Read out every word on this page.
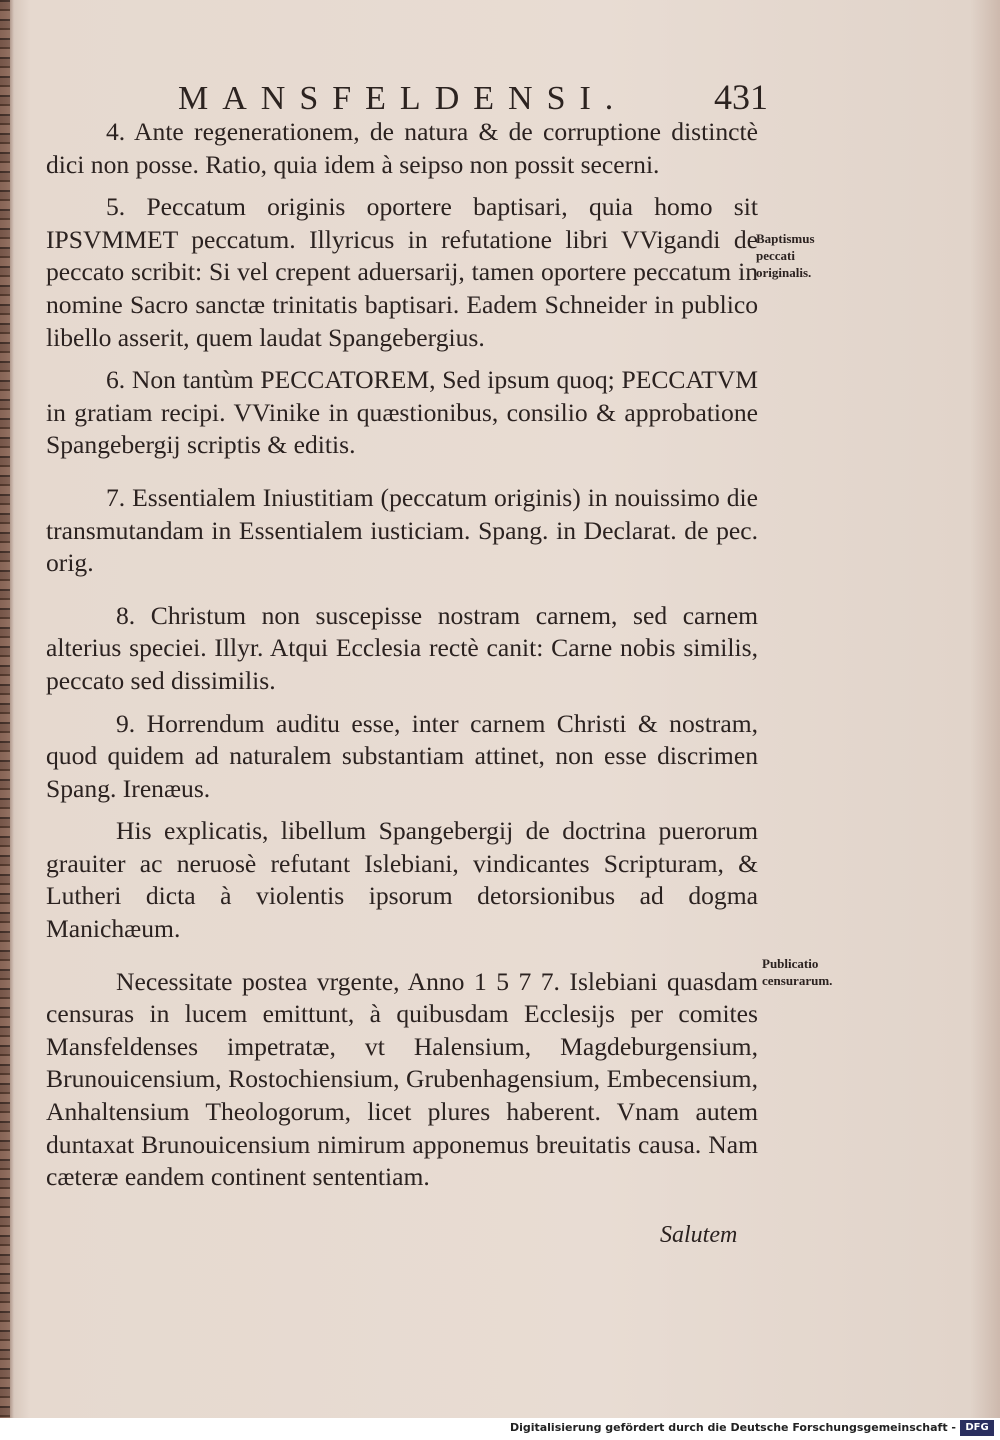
MANSFELDENSI. 431

4. Ante regenerationem, de natura & de corruptione distinctè dici non posse. Ratio, quia idem à seipso non possit secerni.

5. Peccatum originis oportere baptisari, quia homo sit IPSVMMET peccatum. Illyricus in refutatione libri VVigandi de peccato scribit: Si vel crepent aduersarij, tamen oportere peccatum in nomine Sacro sanctæ trinitatis baptisari. Eadem Schneider in publico libello asserit, quem laudat Spangebergius.

6. Non tantùm PECCATOREM, Sed ipsum quoq; PECCATVM in gratiam recipi. VVinike in quæstionibus, consilio & approbatione Spangebergij scriptis & editis.

7. Essentialem Iniustitiam (peccatum originis) in nouissimo die transmutandam in Essentialem iusticiam. Spang. in Declarat. de pec. orig.

8. Christum non suscepisse nostram carnem, sed carnem alterius speciei. Illyr. Atqui Ecclesia rectè canit: Carne nobis similis, peccato sed dissimilis.

9. Horrendum auditu esse, inter carnem Christi & nostram, quod quidem ad naturalem substantiam attinet, non esse discrimen Spang. Irenæus.

His explicatis, libellum Spangebergij de doctrina puerorum grauiter ac neruosè refutant Islebiani, vindicantes Scripturam, & Lutheri dicta à violentis ipsorum detorsionibus ad dogma Manichæum.

Necessitate postea vrgente, Anno 1 5 7 7. Islebiani quasdam censuras in lucem emittunt, à quibusdam Ecclesijs per comites Mansfeldenses impetratæ, vt Halensium, Magdeburgensium, Brunouicensium, Rostochiensium, Grubenhagensium, Embecensium, Anhaltensium Theologorum, licet plures haberent. Vnam autem duntaxat Brunouicensium nimirum apponemus breuitatis causa. Nam cæteræ eandem continent sententiam.

Baptismus peccati originalis.
Publicatio censurarum.
Salutem
Digitalisierung gefördert durch die Deutsche Forschungsgemeinschaft - DFG
